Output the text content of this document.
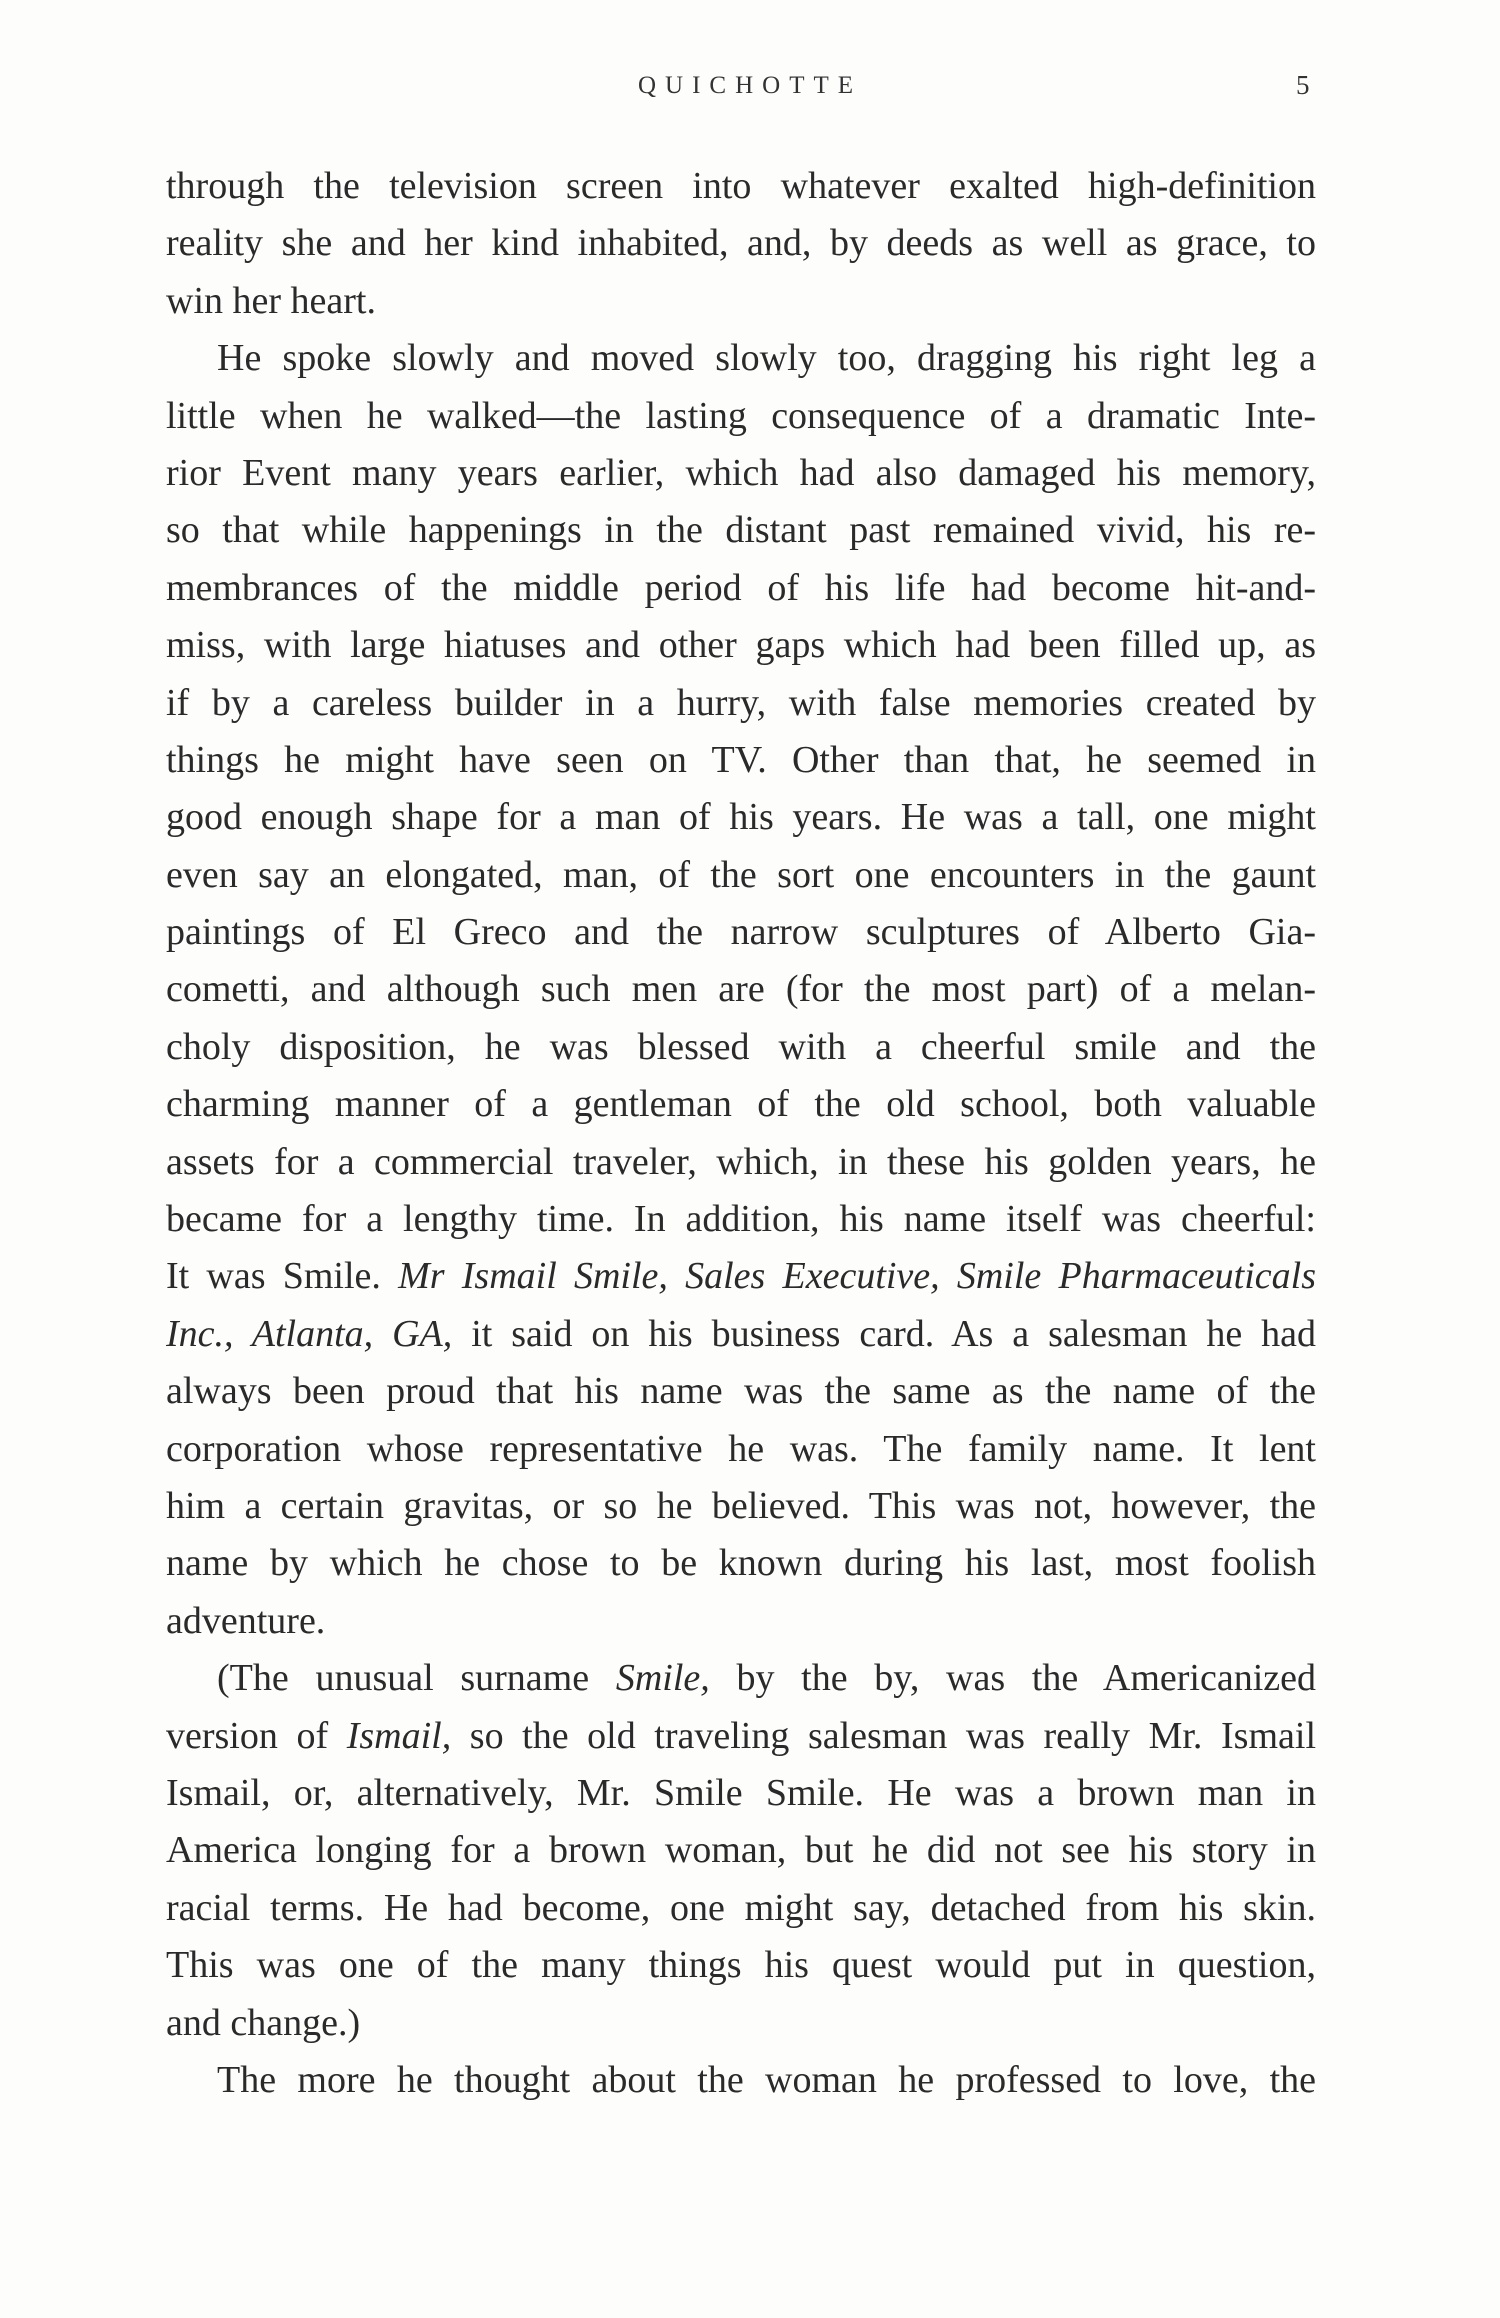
QUICHOTTE	5
through the television screen into whatever exalted high-definition
reality she and her kind inhabited, and, by deeds as well as grace, to
win her heart.
He spoke slowly and moved slowly too, dragging his right leg a
little when he walked—the lasting consequence of a dramatic Inte-
rior Event many years earlier, which had also damaged his memory,
so that while happenings in the distant past remained vivid, his re-
membrances of the middle period of his life had become hit-and-
miss, with large hiatuses and other gaps which had been filled up, as
if by a careless builder in a hurry, with false memories created by
things he might have seen on TV. Other than that, he seemed in
good enough shape for a man of his years. He was a tall, one might
even say an elongated, man, of the sort one encounters in the gaunt
paintings of El Greco and the narrow sculptures of Alberto Gia-
cometti, and although such men are (for the most part) of a melan-
choly disposition, he was blessed with a cheerful smile and the
charming manner of a gentleman of the old school, both valuable
assets for a commercial traveler, which, in these his golden years, he
became for a lengthy time. In addition, his name itself was cheerful:
It was Smile. Mr Ismail Smile, Sales Executive, Smile Pharmaceuticals
Inc., Atlanta, GA, it said on his business card. As a salesman he had
always been proud that his name was the same as the name of the
corporation whose representative he was. The family name. It lent
him a certain gravitas, or so he believed. This was not, however, the
name by which he chose to be known during his last, most foolish
adventure.
(The unusual surname Smile, by the by, was the Americanized
version of Ismail, so the old traveling salesman was really Mr. Ismail
Ismail, or, alternatively, Mr. Smile Smile. He was a brown man in
America longing for a brown woman, but he did not see his story in
racial terms. He had become, one might say, detached from his skin.
This was one of the many things his quest would put in question,
and change.)
The more he thought about the woman he professed to love, the
